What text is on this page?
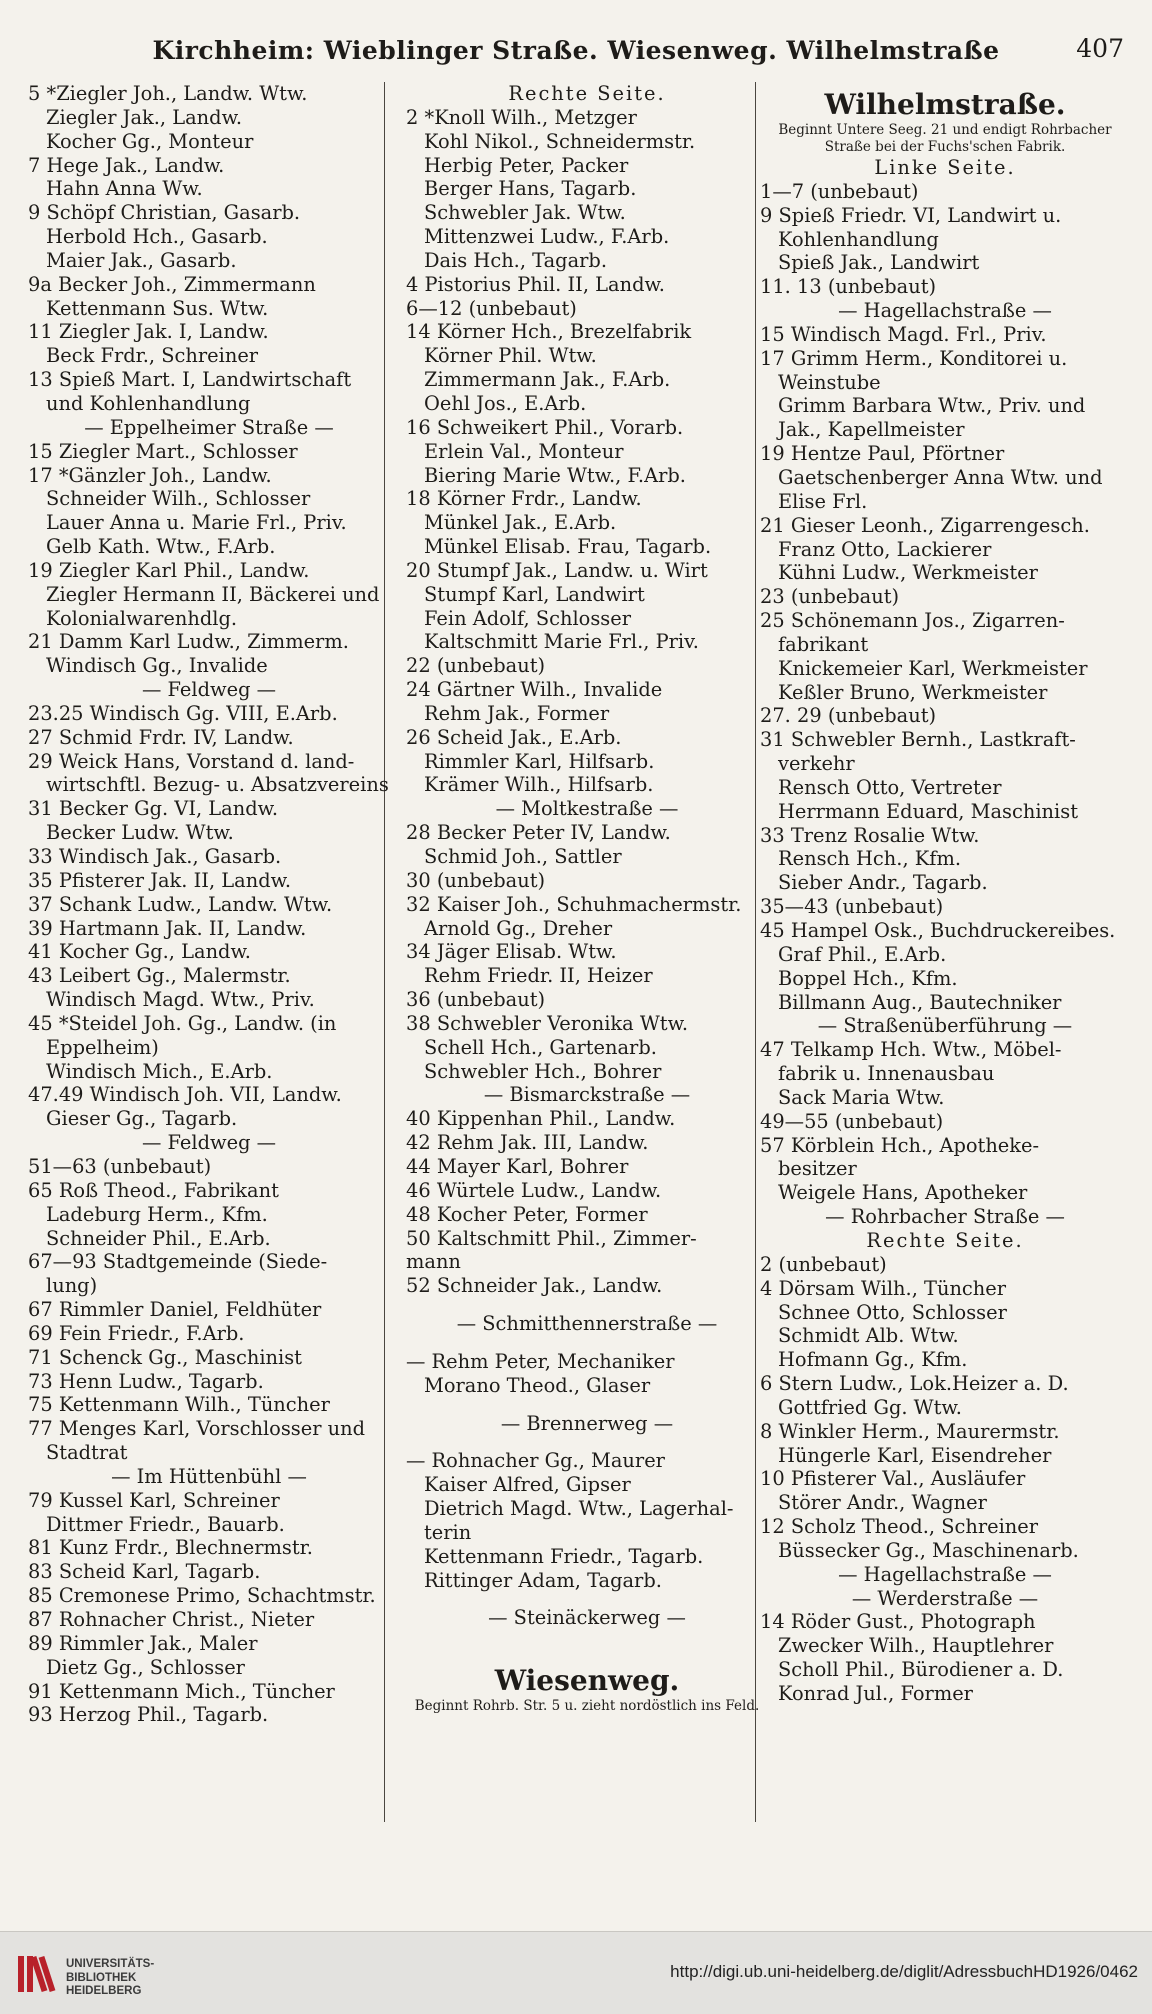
Kirchheim: Wieblinger Straße. Wiesenweg. Wilhelmstraße	407
5 *Ziegler Joh., Landw. Wtw.
Ziegler Jak., Landw.
Kocher Gg., Monteur
7 Hege Jak., Landw.
Hahn Anna Ww.
9 Schöpf Christian, Gasarb.
Herbold Hch., Gasarb.
Maier Jak., Gasarb.
9a Becker Joh., Zimmermann
Kettenmann Sus. Wtw.
11 Ziegler Jak. I, Landw.
Beck Frdr., Schreiner
13 Spieß Mart. I, Landwirtschaft
und Kohlenhandlung
— Eppelheimer Straße —
15 Ziegler Mart., Schlosser
17 *Gänzler Joh., Landw.
Schneider Wilh., Schlosser
Lauer Anna u. Marie Frl., Priv.
Gelb Kath. Wtw., F.Arb.
19 Ziegler Karl Phil., Landw.
Ziegler Hermann II, Bäckerei und
Kolonialwarenhdlg.
21 Damm Karl Ludw., Zimmerm.
Windisch Gg., Invalide
— Feldweg —
23.25 Windisch Gg. VIII, E.Arb.
27 Schmid Frdr. IV, Landw.
29 Weick Hans, Vorstand d. land-
wirtschftl. Bezug- u. Absatzvereins
31 Becker Gg. VI, Landw.
Becker Ludw. Wtw.
33 Windisch Jak., Gasarb.
35 Pfisterer Jak. II, Landw.
37 Schank Ludw., Landw. Wtw.
39 Hartmann Jak. II, Landw.
41 Kocher Gg., Landw.
43 Leibert Gg., Malermstr.
Windisch Magd. Wtw., Priv.
45 *Steidel Joh. Gg., Landw. (in
Eppelheim)
Windisch Mich., E.Arb.
47.49 Windisch Joh. VII, Landw.
Gieser Gg., Tagarb.
— Feldweg —
51—63 (unbebaut)
65 Roß Theod., Fabrikant
Ladeburg Herm., Kfm.
Schneider Phil., E.Arb.
67—93 Stadtgemeinde (Siede-
lung)
67 Rimmler Daniel, Feldhüter
69 Fein Friedr., F.Arb.
71 Schenck Gg., Maschinist
73 Henn Ludw., Tagarb.
75 Kettenmann Wilh., Tüncher
77 Menges Karl, Vorschlosser und
Stadtrat
— Im Hüttenbühl —
79 Kussel Karl, Schreiner
Dittmer Friedr., Bauarb.
81 Kunz Frdr., Blechnermstr.
83 Scheid Karl, Tagarb.
85 Cremonese Primo, Schachtmstr.
87 Rohnacher Christ., Nieter
89 Rimmler Jak., Maler
Dietz Gg., Schlosser
91 Kettenmann Mich., Tüncher
93 Herzog Phil., Tagarb.
Rechte Seite.
2 *Knoll Wilh., Metzger
Kohl Nikol., Schneidermstr.
Herbig Peter, Packer
Berger Hans, Tagarb.
Schwebler Jak. Wtw.
Mittenzwei Ludw., F.Arb.
Dais Hch., Tagarb.
4 Pistorius Phil. II, Landw.
6—12 (unbebaut)
14 Körner Hch., Brezelfabrik
Körner Phil. Wtw.
Zimmermann Jak., F.Arb.
Oehl Jos., E.Arb.
16 Schweikert Phil., Vorarb.
Erlein Val., Monteur
Biering Marie Wtw., F.Arb.
18 Körner Frdr., Landw.
Münkel Jak., E.Arb.
Münkel Elisab. Frau, Tagarb.
20 Stumpf Jak., Landw. u. Wirt
Stumpf Karl, Landwirt
Fein Adolf, Schlosser
Kaltschmitt Marie Frl., Priv.
22 (unbebaut)
24 Gärtner Wilh., Invalide
Rehm Jak., Former
26 Scheid Jak., E.Arb.
Rimmler Karl, Hilfsarb.
Krämer Wilh., Hilfsarb.
— Moltkestraße —
28 Becker Peter IV, Landw.
Schmid Joh., Sattler
30 (unbebaut)
32 Kaiser Joh., Schuhmachermstr.
Arnold Gg., Dreher
34 Jäger Elisab. Wtw.
Rehm Friedr. II, Heizer
36 (unbebaut)
38 Schwebler Veronika Wtw.
Schell Hch., Gartenarb.
Schwebler Hch., Bohrer
— Bismarckstraße —
40 Kippenhan Phil., Landw.
42 Rehm Jak. III, Landw.
44 Mayer Karl, Bohrer
46 Würtele Ludw., Landw.
48 Kocher Peter, Former
50 Kaltschmitt Phil., Zimmer-
mann
52 Schneider Jak., Landw.
— Schmitthennerstraße —
— Rehm Peter, Mechaniker
Morano Theod., Glaser
— Brennerweg —
— Rohnacher Gg., Maurer
Kaiser Alfred, Gipser
Dietrich Magd. Wtw., Lagerhal-
terin
Kettenmann Friedr., Tagarb.
Rittinger Adam, Tagarb.
— Steinäckerweg —
Wiesenweg.
Beginnt Rohrb. Str. 5 u. zieht nordöstlich ins Feld.
Wilhelmstraße.
Beginnt Untere Seeg. 21 und endigt Rohrbacher Straße bei der Fuchs'schen Fabrik.
Linke Seite.
1—7 (unbebaut)
9 Spieß Friedr. VI, Landwirt u.
Kohlenhandlung
Spieß Jak., Landwirt
11. 13 (unbebaut)
— Hagellachstraße —
15 Windisch Magd. Frl., Priv.
17 Grimm Herm., Konditorei u.
Weinstube
Grimm Barbara Wtw., Priv. und
Jak., Kapellmeister
19 Hentze Paul, Pförtner
Gaetschenberger Anna Wtw. und
Elise Frl.
21 Gieser Leonh., Zigarrengesch.
Franz Otto, Lackierer
Kühni Ludw., Werkmeister
23 (unbebaut)
25 Schönemann Jos., Zigarren-
fabrikant
Knickemeier Karl, Werkmeister
Keßler Bruno, Werkmeister
27. 29 (unbebaut)
31 Schwebler Bernh., Lastkraft-
verkehr
Rensch Otto, Vertreter
Herrmann Eduard, Maschinist
33 Trenz Rosalie Wtw.
Rensch Hch., Kfm.
Sieber Andr., Tagarb.
35—43 (unbebaut)
45 Hampel Osk., Buchdruckereibes.
Graf Phil., E.Arb.
Boppel Hch., Kfm.
Billmann Aug., Bautechniker
— Straßenüberführung —
47 Telkamp Hch. Wtw., Möbel-
fabrik u. Innenausbau
Sack Maria Wtw.
49—55 (unbebaut)
57 Körblein Hch., Apotheke-
besitzer
Weigele Hans, Apotheker
— Rohrbacher Straße —
Rechte Seite.
2 (unbebaut)
4 Dörsam Wilh., Tüncher
Schnee Otto, Schlosser
Schmidt Alb. Wtw.
Hofmann Gg., Kfm.
6 Stern Ludw., Lok.Heizer a. D.
Gottfried Gg. Wtw.
8 Winkler Herm., Maurermstr.
Hüngerle Karl, Eisendreher
10 Pfisterer Val., Ausläufer
Störer Andr., Wagner
12 Scholz Theod., Schreiner
Büssecker Gg., Maschinenarb.
— Hagellachstraße —
— Werderstraße —
14 Röder Gust., Photograph
Zwecker Wilh., Hauptlehrer
Scholl Phil., Bürodiener a. D.
Konrad Jul., Former
UNIVERSITÄTS-
BIBLIOTHEK
HEIDELBERG
http://digi.ub.uni-heidelberg.de/diglit/AdressbuchHD1926/0462
